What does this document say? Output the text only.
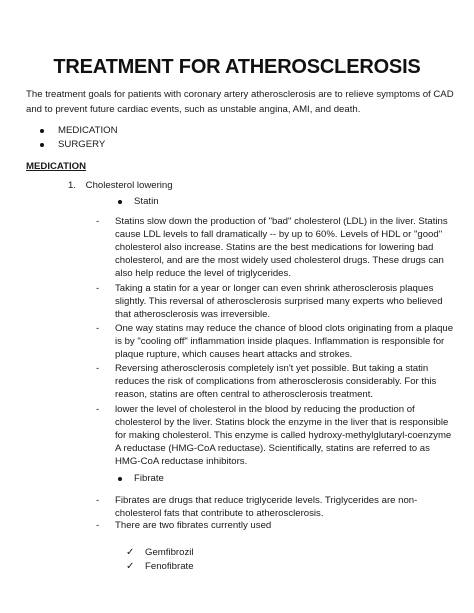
TREATMENT FOR ATHEROSCLEROSIS
The treatment goals for patients with coronary artery atherosclerosis are to relieve symptoms of CAD and to prevent future cardiac events, such as unstable angina, AMI, and death.
MEDICATION
SURGERY
MEDICATION
1. Cholesterol lowering
Statin
- Statins slow down the production of "bad" cholesterol (LDL) in the liver. Statins cause LDL levels to fall dramatically -- by up to 60%. Levels of HDL or "good" cholesterol also increase. Statins are the best medications for lowering bad cholesterol, and are the most widely used cholesterol drugs. These drugs can also help reduce the level of triglycerides.
- Taking a statin for a year or longer can even shrink atherosclerosis plaques slightly. This reversal of atherosclerosis surprised many experts who believed that atherosclerosis was irreversible.
- One way statins may reduce the chance of blood clots originating from a plaque is by "cooling off" inflammation inside plaques. Inflammation is responsible for plaque rupture, which causes heart attacks and strokes.
- Reversing atherosclerosis completely isn't yet possible. But taking a statin reduces the risk of complications from atherosclerosis considerably. For this reason, statins are often central to atherosclerosis treatment.
- lower the level of cholesterol in the blood by reducing the production of cholesterol by the liver. Statins block the enzyme in the liver that is responsible for making cholesterol. This enzyme is called hydroxy-methylglutaryl-coenzyme A reductase (HMG-CoA reductase). Scientifically, statins are referred to as HMG-CoA reductase inhibitors.
Fibrate
- Fibrates are drugs that reduce triglyceride levels. Triglycerides are non-cholesterol fats that contribute to atherosclerosis.
- There are two fibrates currently used
✓	Gemfibrozil
✓	Fenofibrate
